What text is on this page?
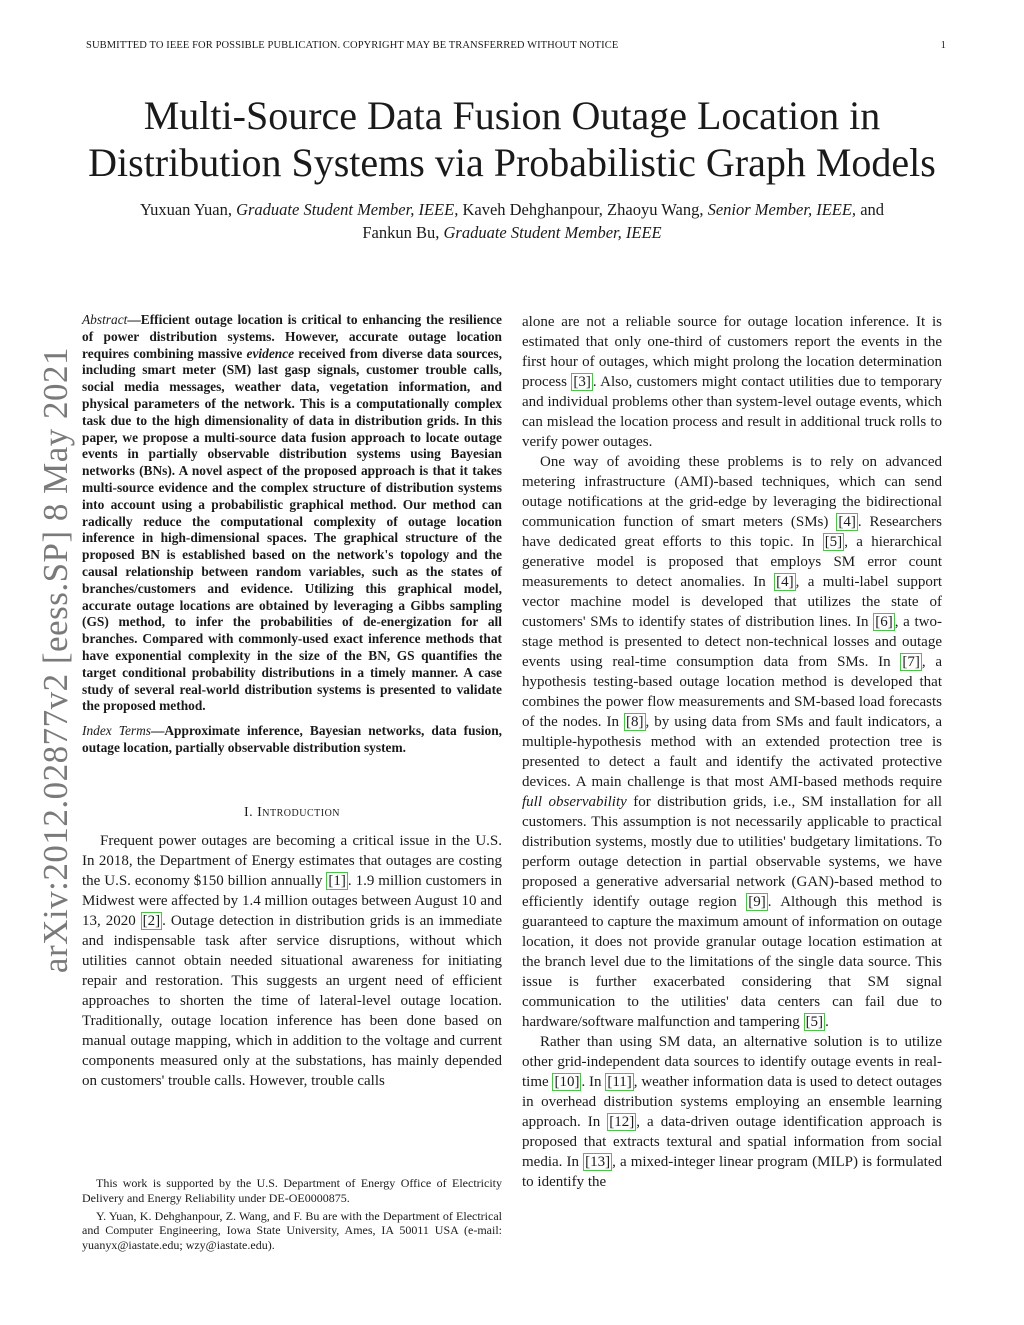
SUBMITTED TO IEEE FOR POSSIBLE PUBLICATION. COPYRIGHT MAY BE TRANSFERRED WITHOUT NOTICE	1
Multi-Source Data Fusion Outage Location in
Distribution Systems via Probabilistic Graph Models
Yuxuan Yuan, Graduate Student Member, IEEE, Kaveh Dehghanpour, Zhaoyu Wang, Senior Member, IEEE, and
Fankun Bu, Graduate Student Member, IEEE
arXiv:2012.02877v2 [eess.SP] 8 May 2021
Abstract—Efficient outage location is critical to enhancing the resilience of power distribution systems. However, accurate outage location requires combining massive evidence received from diverse data sources, including smart meter (SM) last gasp signals, customer trouble calls, social media messages, weather data, vegetation information, and physical parameters of the network. This is a computationally complex task due to the high dimensionality of data in distribution grids. In this paper, we propose a multi-source data fusion approach to locate outage events in partially observable distribution systems using Bayesian networks (BNs). A novel aspect of the proposed approach is that it takes multi-source evidence and the complex structure of distribution systems into account using a probabilistic graphical method. Our method can radically reduce the computational complexity of outage location inference in high-dimensional spaces. The graphical structure of the proposed BN is established based on the network's topology and the causal relationship between random variables, such as the states of branches/customers and evidence. Utilizing this graphical model, accurate outage locations are obtained by leveraging a Gibbs sampling (GS) method, to infer the probabilities of de-energization for all branches. Compared with commonly-used exact inference methods that have exponential complexity in the size of the BN, GS quantifies the target conditional probability distributions in a timely manner. A case study of several real-world distribution systems is presented to validate the proposed method.
Index Terms—Approximate inference, Bayesian networks, data fusion, outage location, partially observable distribution system.
I. Introduction

Frequent power outages are becoming a critical issue in the U.S. In 2018, the Department of Energy estimates that outages are costing the U.S. economy $150 billion annually [1] . 1.9 million customers in Midwest were affected by 1.4 million outages between August 10 and 13, 2020 [2] . Outage detection in distribution grids is an immediate and indispensable task after service disruptions, without which utilities cannot obtain needed situational awareness for initiating repair and restoration. This suggests an urgent need of efficient approaches to shorten the time of lateral-level outage location. Traditionally, outage location inference has been done based on manual outage mapping, which in addition to the voltage and current components measured only at the substations, has mainly depended on customers' trouble calls. However, trouble calls

This work is supported by the U.S. Department of Energy Office of Electricity Delivery and Energy Reliability under DE-OE0000875.

Y. Yuan, K. Dehghanpour, Z. Wang, and F. Bu are with the Department of Electrical and Computer Engineering, Iowa State University, Ames, IA 50011 USA (e-mail: yuanyx@iastate.edu; wzy@iastate.edu).

alone are not a reliable source for outage location inference. It is estimated that only one-third of customers report the events in the first hour of outages, which might prolong the location determination process [3] . Also, customers might contact utilities due to temporary and individual problems other than system-level outage events, which can mislead the location process and result in additional truck rolls to verify power outages.

One way of avoiding these problems is to rely on advanced metering infrastructure (AMI)-based techniques, which can send outage notifications at the grid-edge by leveraging the bidirectional communication function of smart meters (SMs) [4] . Researchers have dedicated great efforts to this topic. In [5] , a hierarchical generative model is proposed that employs SM error count measurements to detect anomalies. In [4] , a multi-label support vector machine model is developed that utilizes the state of customers' SMs to identify states of distribution lines. In [6] , a two-stage method is presented to detect non-technical losses and outage events using real-time consumption data from SMs. In [7] , a hypothesis testing-based outage location method is developed that combines the power flow measurements and SM-based load forecasts of the nodes. In [8] , by using data from SMs and fault indicators, a multiple-hypothesis method with an extended protection tree is presented to detect a fault and identify the activated protective devices. A main challenge is that most AMI-based methods require full observability for distribution grids, i.e., SM installation for all customers. This assumption is not necessarily applicable to practical distribution systems, mostly due to utilities' budgetary limitations. To perform outage detection in partial observable systems, we have proposed a generative adversarial network (GAN)-based method to efficiently identify outage region [9] . Although this method is guaranteed to capture the maximum amount of information on outage location, it does not provide granular outage location estimation at the branch level due to the limitations of the single data source. This issue is further exacerbated considering that SM signal communication to the utilities' data centers can fail due to hardware/software malfunction and tampering [5] .

Rather than using SM data, an alternative solution is to utilize other grid-independent data sources to identify outage events in real-time [10] . In [11] , weather information data is used to detect outages in overhead distribution systems employing an ensemble learning approach. In [12] , a data-driven outage identification approach is proposed that extracts textural and spatial information from social media. In [13] , a mixed-integer linear program (MILP) is formulated to identify the
